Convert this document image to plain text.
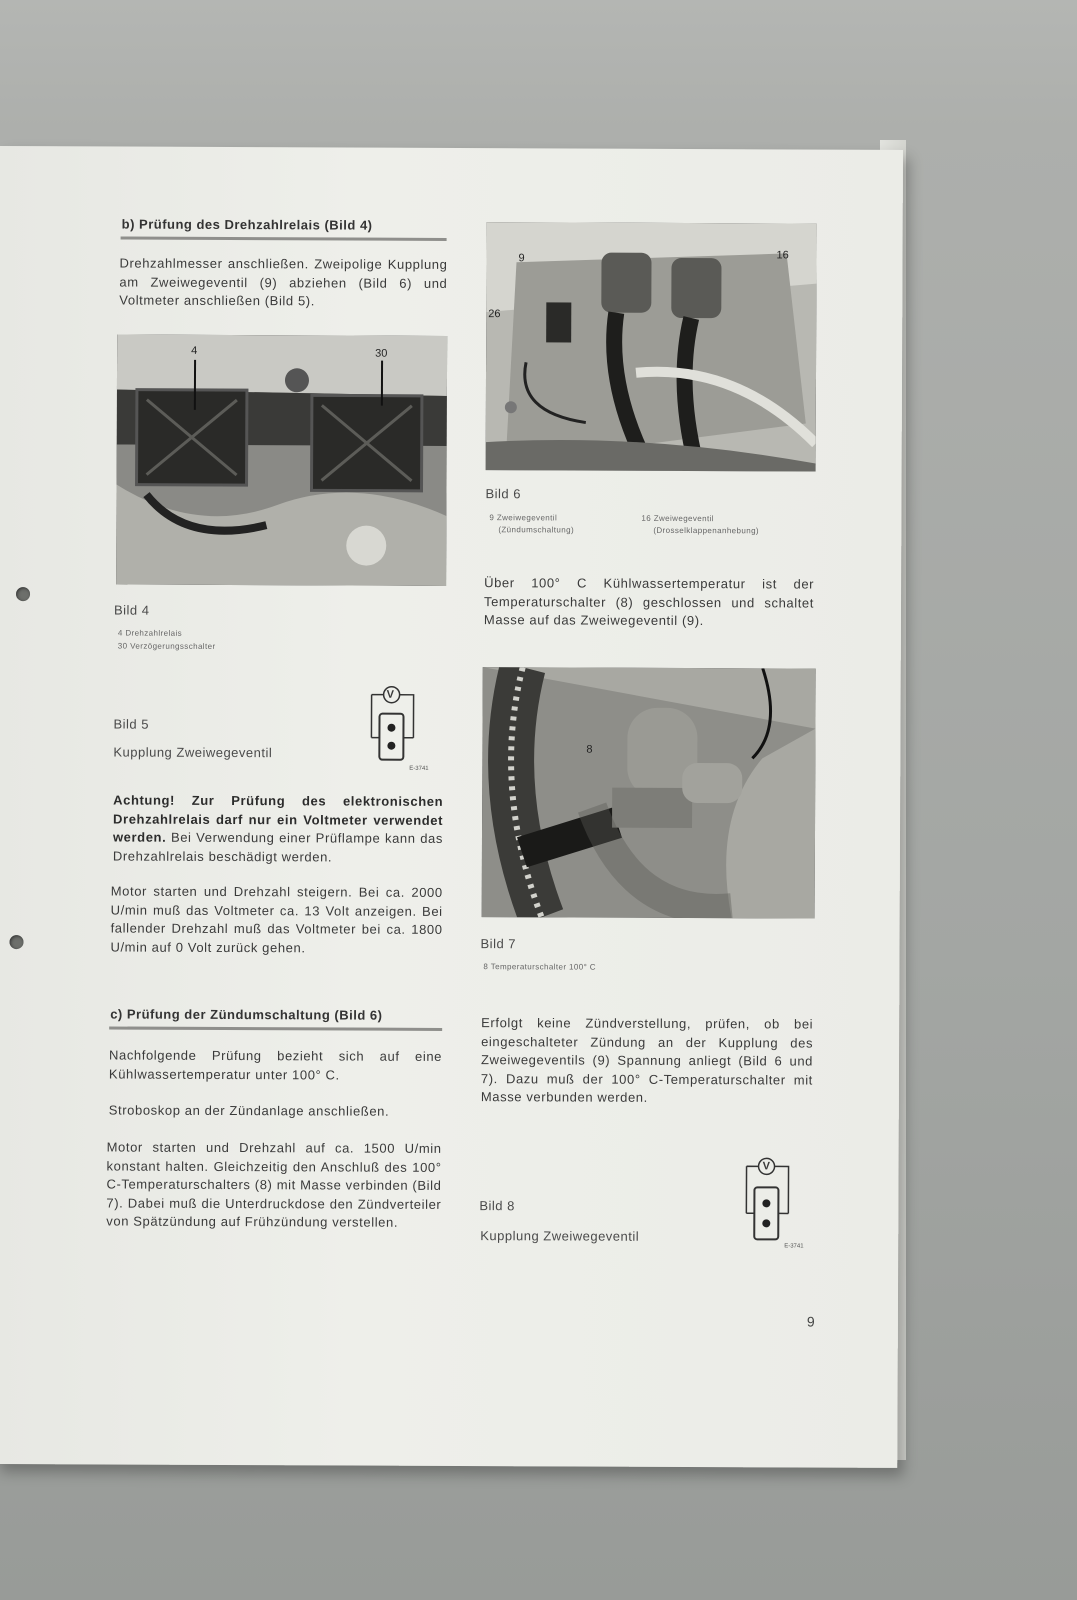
b) Prüfung des Drehzahlrelais (Bild 4)
Drehzahlmesser anschließen. Zweipolige Kupplung am Zweiwegeventil (9) abziehen (Bild 6) und Voltmeter anschließen (Bild 5).
4	30
Bild 4
4 Drehzahlrelais
30 Verzögerungsschalter
Bild 5
Kupplung Zweiwegeventil
E-3741
V
Achtung! Zur Prüfung des elektronischen Drehzahlrelais darf nur ein Voltmeter verwendet werden. Bei Verwendung einer Prüflampe kann das Drehzahlrelais beschädigt werden.
Motor starten und Drehzahl steigern. Bei ca. 2000 U/min muß das Voltmeter ca. 13 Volt anzeigen. Bei fallender Drehzahl muß das Voltmeter bei ca. 1800 U/min auf 0 Volt zurück gehen.
c) Prüfung der Zündumschaltung (Bild 6)
Nachfolgende Prüfung bezieht sich auf eine Kühlwassertemperatur unter 100° C.
Stroboskop an der Zündanlage anschließen.
Motor starten und Drehzahl auf ca. 1500 U/min konstant halten. Gleichzeitig den Anschluß des 100° C-Temperaturschalters (8) mit Masse verbinden (Bild 7). Dabei muß die Unterdruckdose den Zündverteiler von Spätzündung auf Frühzündung verstellen.
9	16
26
Bild 6
9 Zweiwegeventil
(Zündumschaltung)
16 Zweiwegeventil
(Drosselklappenanhebung)
Über 100° C Kühlwassertemperatur ist der Temperaturschalter (8) geschlossen und schaltet Masse auf das Zweiwegeventil (9).
8
Bild 7
8 Temperaturschalter 100° C
Erfolgt keine Zündverstellung, prüfen, ob bei eingeschalteter Zündung an der Kupplung des Zweiwegeventils (9) Spannung anliegt (Bild 6 und 7). Dazu muß der 100° C-Temperaturschalter mit Masse verbunden werden.
Bild 8
Kupplung Zweiwegeventil
E-3741
V
9
